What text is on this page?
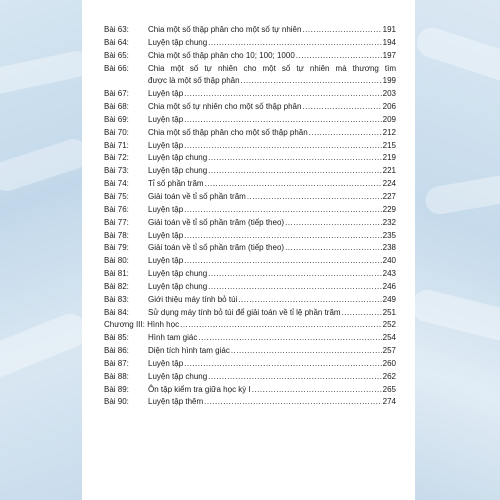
Bài 63:	Chia một số thập phân cho một số tự nhiên .....	191
Bài 64:	Luyện tập chung .....	194
Bài 65:	Chia một số thập phân cho 10; 100; 1000 .....	197
Bài 66:	Chia một số tự nhiên cho một số tự nhiên mà thương tìm
được là một số thập phân .....	199
Bài 67:	Luyện tập .....	203
Bài 68:	Chia một số tự nhiên cho một số thập phân .....	206
Bài 69:	Luyện tập .....	209
Bài 70:	Chia một số thập phân cho một số thập phân .....	212
Bài 71:	Luyện tập .....	215
Bài 72:	Luyện tập chung .....	219
Bài 73:	Luyện tập chung .....	221
Bài 74:	Tỉ số phần trăm .....	224
Bài 75:	Giải toán về tỉ số phần trăm .....	227
Bài 76:	Luyện tập .....	229
Bài 77:	Giải toán về tỉ số phần trăm (tiếp theo) .....	232
Bài 78:	Luyện tập .....	235
Bài 79:	Giải toán về tỉ số phần trăm (tiếp theo) .....	238
Bài 80:	Luyện tập .....	240
Bài 81:	Luyện tập chung .....	243
Bài 82:	Luyện tập chung .....	246
Bài 83:	Giới thiệu máy tính bỏ túi .....	249
Bài 84:	Sử dụng máy tính bỏ túi để giải toán về tỉ lệ phần trăm .....	251
Chương III: Hình học .....	252
Bài 85:	Hình tam giác .....	254
Bài 86:	Diện tích hình tam giác .....	257
Bài 87:	Luyện tập .....	260
Bài 88:	Luyện tập chung .....	262
Bài 89:	Ôn tập kiểm tra giữa học kỳ I .....	265
Bài 90:	Luyện tập thêm .....	274
